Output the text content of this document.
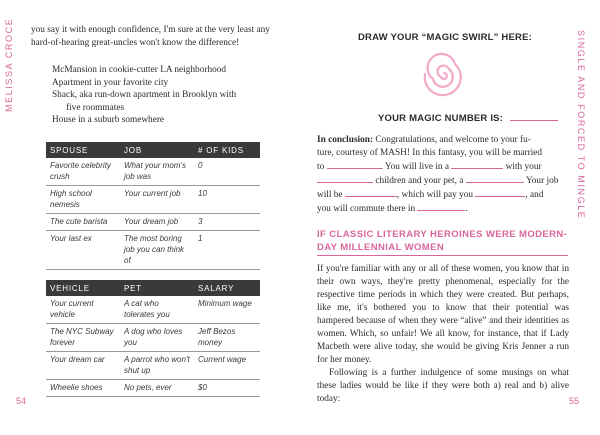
MELISSA CROCE you say it with enough confidence, I'm sure at the very least any hard-of-hearing great-uncles won't know the difference!
McMansion in cookie-cutter LA neighborhood
Apartment in your favorite city
Shack, aka run-down apartment in Brooklyn with
five roommates
House in a suburb somewhere
SPOUSE	JOB	# OF KIDS
Favorite celebrity crush	What your mom's job was	0
High school nemesis	Your current job	10
The cute barista	Your dream job	3
Your last ex	The most boring job you can think of	1
VEHICLE	PET	SALARY
Your current vehicle	A cat who tolerates you	Minimum wage
The NYC Subway forever	A dog who loves you	Jeff Bezos money
Your dream car	A parrot who won't shut up	Current wage
Wheelie shoes	No pets, ever	$0
54
SINGLE AND FORCED TO MINGLE
DRAW YOUR “MAGIC SWIRL” HERE:
YOUR MAGIC NUMBER IS:
In conclusion: Congratulations, and welcome to your fu-
ture, courtesy of MASH! In this fantasy, you will be married
to	. You will live in a	with your
children and your pet, a	. Your job
will be	, which will pay you	, and
you will commute there in	.
IF CLASSIC LITERARY HEROINES WERE MODERN-DAY MILLENNIAL WOMEN
If you're familiar with any or all of these women, you know that in their own ways, they're pretty phenomenal, especially for the respective time periods in which they were created. But perhaps, like me, it's bothered you to know that their potential was hampered because of when they were “alive” and their identities as women. Which, so unfair! We all know, for instance, that if Lady Macbeth were alive today, she would be giving Kris Jenner a run for her money.
Following is a further indulgence of some musings on what these ladies would be like if they were both a) real and b) alive today:	55
